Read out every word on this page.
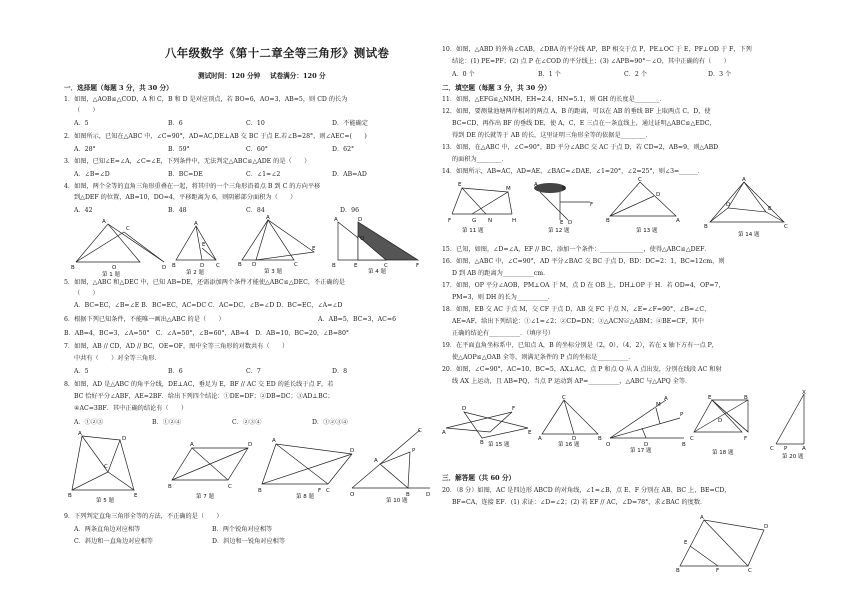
八年级数学《第十二章全等三角形》测试卷
测试时间：120 分钟 试卷满分：120 分
一．选择题（每题 3 分，共 30 分）
1．如图，△AOB≌△COD，A 和 C，B 和 D 是对应顶点，若 BO=6，AO=3，AB=5，则 CD 的长为
（　　）
A．5	B．6	C．10	D．不能确定
2．如图所示，已知在△ABC 中，∠C=90°，AD=AC,DE⊥AB 交 BC 于点 E.若∠B=28°，则∠AEC=(　　)
A．28°	B．59°	C．60°	D．62°
3．如图，已知∠E=∠A，∠C=∠E，下列条件中，无法判定△ABC≌△ADE 的是（　　）
A．∠B=∠D	B．BC=DE	C．∠1=∠2	D．AB=AD
4．如图，两个全等的直角三角形重叠在一起，将其中的一个三角形沿着点 B 到 C 的方向平移
到△DEF 的位置，AB=10，DO=4，平移距离为 6，则阴影部分面积为（　　）
A．42	B．48	C．84	D．96
A
C
B	O	D
第 1 题
E
A
B	C
D
第 2 题
A
B	C
E
D
第 3 题
A	D
O
B	E	C	F
第 4 题
5．如图，△ABC 和△DEC 中，已知 AB=DE，还需添加两个条件才能使△ABC≌△DEC，不正确的是
（　　）
A．BC=EC，∠B=∠E B．BC=EC，AC=DC C．AC=DC，∠B=∠D D．BC=EC，∠A=∠D
6．根据下列已知条件，不能唯一画出△ABC 的是（　　）	A．AB=5，BC=3，AC=6
B．AB=4，BC=3，∠A=50°　C．∠A=50°，∠B=60°，AB=4　D．AB=10，BC=20，∠B=80°
7．如图，AB // CD，AD // BC，OE=OF，图中全等三角形的对数共有（　　）
中共有（　　）对全等三角形．
A．5	B．6	C．7	D．8
8．如图，AD 是△ABC 的角平分线，DE⊥AC，垂足为 E，BF // AC 交 ED 的延长线于点 F，若
BC 恰好平分∠ABF，AE=2BF．给出下列四个结论：①DE=DF；②DB=DC；③AD⊥BC；
④AC=3BF．其中正确的结论有（　　）
A．①②③	B．①②④	C．②③④	D．①②③④
A
D
B	E
C
第 5 题
B	C
A	D
第 7 题
A
B	C
D
F
第 8 题	O
C
A
B
P
D
第 10 题
9．下列判定直角三角形全等的方法，不正确的是（　　）
A．两条直角边对应相等	B．两个锐角对应相等
C．斜边和一直角边对应相等	D．斜边和一锐角对应相等
10．如图，△ABD 的外角∠CAB，∠DBA 的平分线 AP，BP 相交于点 P，PE⊥OC 于 E，PF⊥OD 于 F，下列
结论：(1) PE=PF；(2) 点 P 在∠COD 的平分线上；(3) ∠APB=90°－∠O，其中正确的有（　　）
A．0 个	B．1 个	C．2 个	D．3 个
二．填空题（每题 3 分，共 30 分）
11．如图，△EFG≌△NMH，EH=2.4，HN=5.1，则 GH 的长度是________．
12．如图，要测量池塘两岸相对的两点 A，B 的距离，可以在 AB 的垂线 BF 上取两点 C，D，使
BC=CD，再作出 BF 的垂线 DE，使 A，C，E 三点在一条直线上，通过证明△ABC≌△EDC，
得到 DE 的长就等于 AB 的长，这里证明三角形全等的依据是________．
13．如图，在△ABC 中，∠C=90°，BD 平分∠ABC 交 AC 于点 D，若 CD=2，AB=9，则△ABD
的面积为________．
14．如图所示，AB=AC，AD=AE，∠BAC=∠DAE，∠1=20°，∠2=25°，则∠3=______．
E
M
F	G N	H
第 11 题
A
B
F
D
E
第 12 题
C
B	A
D
第 13 题
A
B	C
D
E
第 14 题
15．已知，如图，∠D=∠A，EF // BC，添加一个条件：______________，使得△ABC≌△DEF．
16．如图，△ABC 中，∠C=90°，AD 平分∠BAC 交 BC 于点 D，BD：DC=2：1，BC=12cm，则
D 到 AB 的距离为__________cm．
17．如图，OP 平分∠AOB，PM⊥OA 于 M，点 D 在 OB 上，DH⊥OP 于 H．若 OD=4，OP=7，
PM=3，则 DH 的长为__________．
18．如图，EB 交 AC 于点 M，交 CF 于点 D，AB 交 FC 于点 N，∠E=∠F=90°，∠B=∠C，
AE=AF，给出下列结论：①∠1=∠2；②CD=DN；③△ACN≌△ABM；④BE=CF，其中
正确的结论有__________．（填序号）
19．在平面直角坐标系中，已知点 A，B 的坐标分别是（2，0），（4，2），若在 x 轴下方有一点 P，
使△AOP≌△OAB 全等，则满足条件的 P 点的坐标是__________．
20．如图，∠C=90°，AC=10，BC=5，AX⊥AC，点 P 和点 Q 从 A 点出发，分别在线段 AC 和射
线 AX 上运动，且 AB=PQ，当点 P 运动到 AP=__________，△ABC 与△APQ 全等．
A
D	F
E
B 第 15 题
C
A	B
D
第 16 题	O
A
M
P
D	B
第 17 题
E	B
C	F
D
第 18 题
X
C	A
P
第 20 题
三．解答题（共 60 分）
20．（8 分）如图，AC 是四边形 ABCD 的对角线，∠1=∠B，点 E、F 分别在 AB、BC 上，BE=CD，
BF=CA，连接 EF．(1) 求证：∠D=∠2；(2) 若 EF // AC，∠D=78°，求∠BAC 的度数．
A
D
B	C
E
F
